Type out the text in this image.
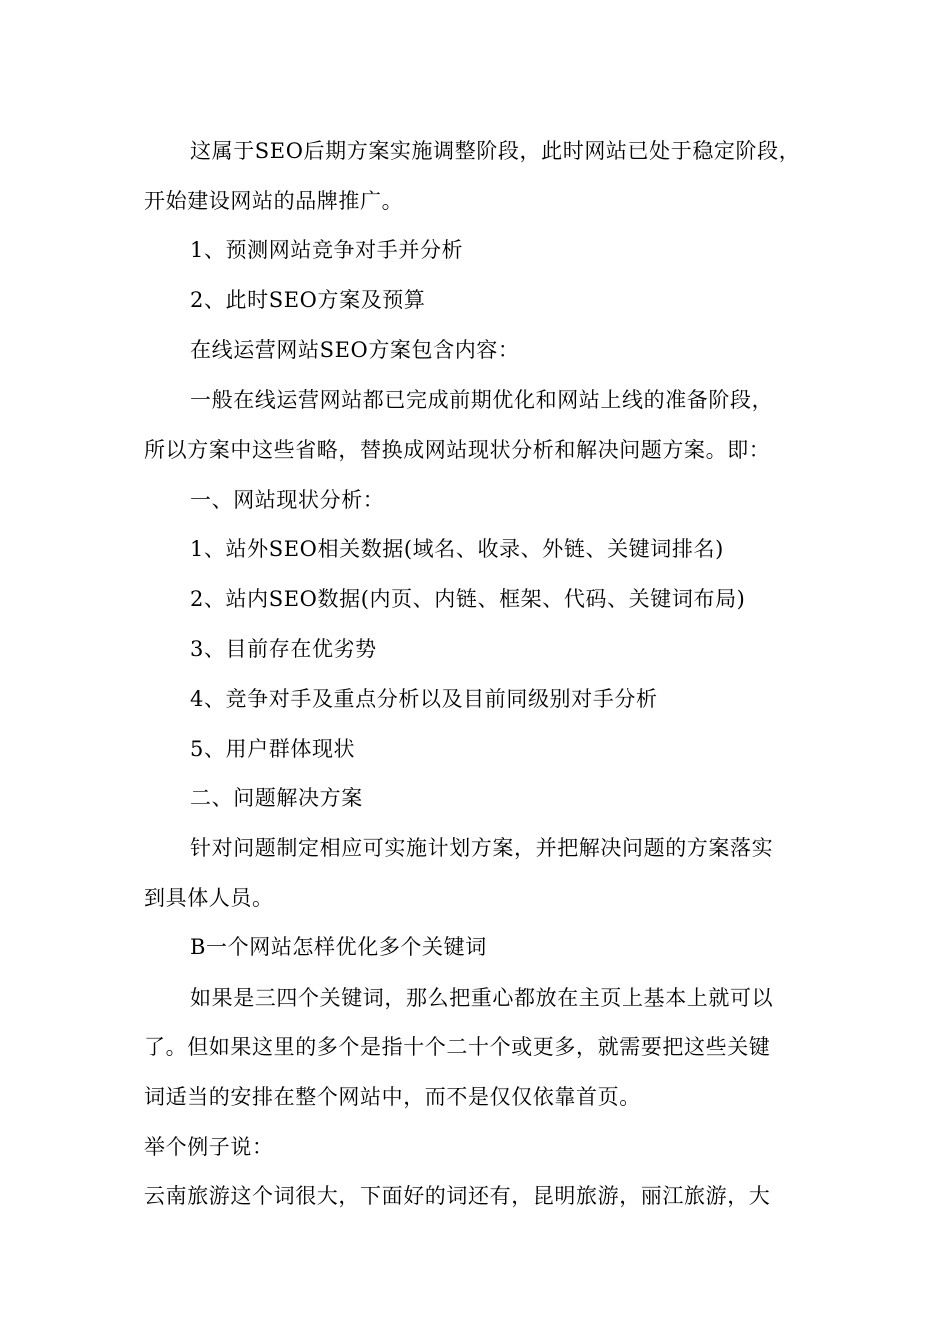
这属于SEO后期方案实施调整阶段，此时网站已处于稳定阶段，
开始建设网站的品牌推广。
1、预测网站竞争对手并分析
2、此时SEO方案及预算
在线运营网站SEO方案包含内容：
一般在线运营网站都已完成前期优化和网站上线的准备阶段，
所以方案中这些省略，替换成网站现状分析和解决问题方案。即：
一、网站现状分析：
1、站外SEO相关数据(域名、收录、外链、关键词排名)
2、站内SEO数据(内页、内链、框架、代码、关键词布局)
3、目前存在优劣势
4、竞争对手及重点分析以及目前同级别对手分析
5、用户群体现状
二、问题解决方案
针对问题制定相应可实施计划方案，并把解决问题的方案落实
到具体人员。
B一个网站怎样优化多个关键词
如果是三四个关键词，那么把重心都放在主页上基本上就可以
了。但如果这里的多个是指十个二十个或更多，就需要把这些关键
词适当的安排在整个网站中，而不是仅仅依靠首页。
举个例子说：
云南旅游这个词很大，下面好的词还有，昆明旅游，丽江旅游，大
